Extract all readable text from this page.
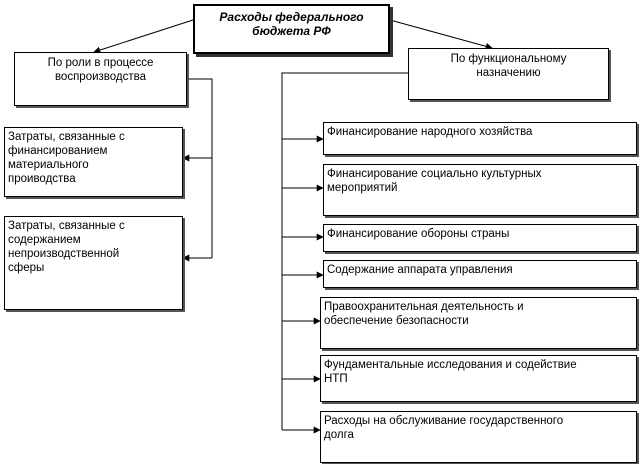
Расходы федерального
бюджета РФ
По роли в процессе
воспроизводства
По функциональному
назначению
Затраты, связанные с
финансированием
материального
проиводства
Затраты, связанные с
содержанием
непроизводственной
сферы
Финансирование народного хозяйства
Финансирование социально культурных
мероприятий
Финансирование обороны страны
Содержание аппарата управления
Правоохранительная деятельность и
обеспечение безопасности
Фундаментальные исследования и содействие
НТП
Расходы на обслуживание государственного
долга
